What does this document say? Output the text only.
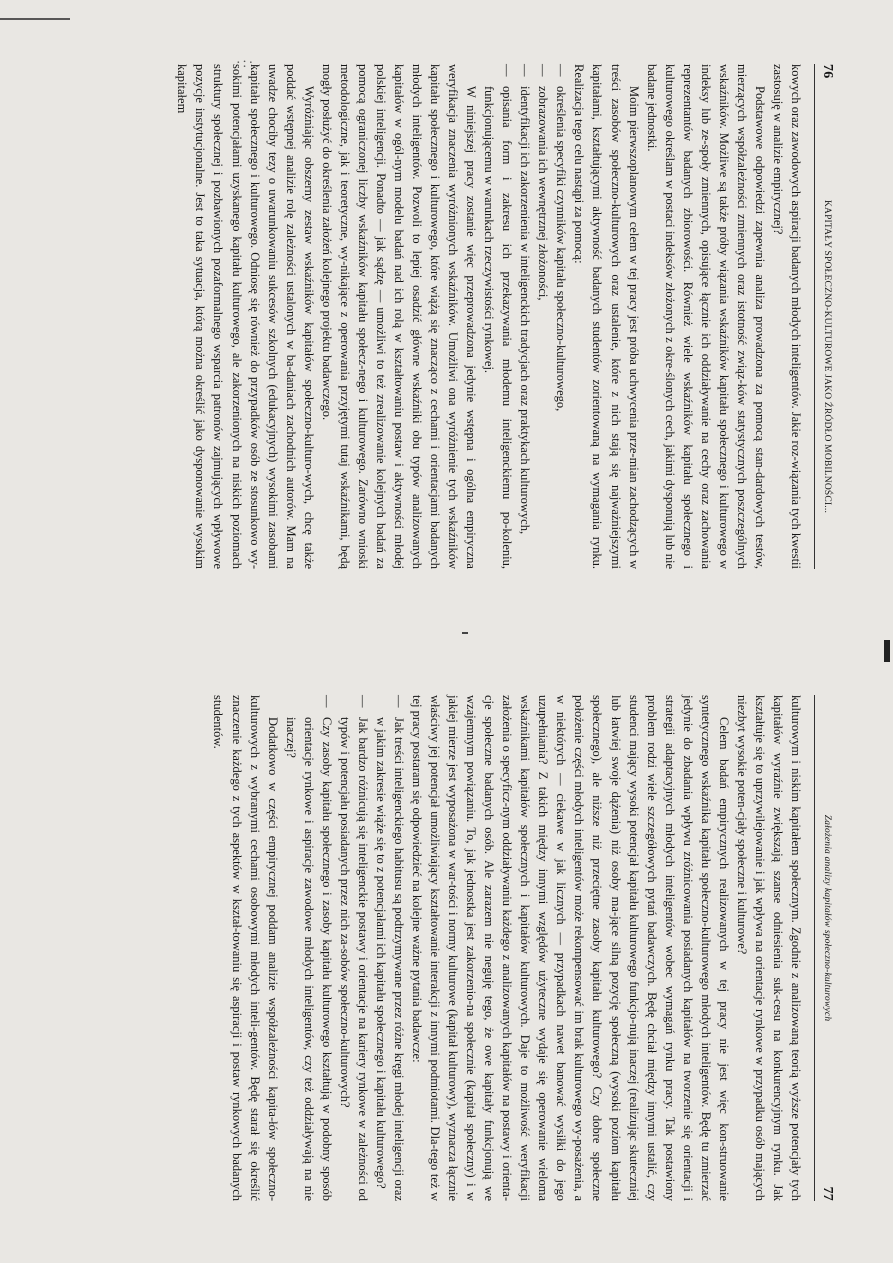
·:·.
76
KAPITAŁY SPOŁECZNO-KULTUROWE JAKO ŹRÓDŁO MOBILNOŚCI...

kowych oraz zawodowych aspiracji badanych młodych inteligentów. Jakie roz-wiązania tych kwestii zastosuję w analizie empirycznej?

Podstawowe odpowiedzi zapewnia analiza prowadzona za pomocą stan-dardowych testów, mierzących współzależności zmiennych oraz istotność związ-ków statystycznych poszczególnych wskaźników. Możliwe są także próby wiązania wskaźników kapitału społecznego i kulturowego w indeksy lub ze-społy zmiennych, opisujące łącznie ich oddziaływanie na cechy oraz zachowania reprezentantów badanych zbiorowości. Również wiele wskaźników kapitału społecznego i kulturowego określam w postaci indeksów złożonych z okre-ślonych cech, jakimi dysponują lub nie badane jednostki.

Moim pierwszoplanowym celem w tej pracy jest próba uchwycenia prze-mian zachodzących w treści zasobów społeczno-kulturowych oraz ustalenie, które z nich stają się najważniejszymi kapitałami, kształtującymi aktywność badanych studentów zorientowaną na wymagania rynku. Realizacja tego celu nastąpi za pomocą:

—
określenia specyfiki czynników kapitału społeczno-kulturowego,
—
zobrazowania ich wewnętrznej złożoności,
—
identyfikacji ich zakorzenienia w inteligenckich tradycjach oraz praktykach kulturowych,
—
opisania form i zakresu ich przekazywania młodemu inteligenckiemu po-koleniu, funkcjonującemu w warunkach rzeczywistości rynkowej.

W niniejszej pracy zostanie więc przeprowadzona jedynie wstępna i ogólna empiryczna weryfikacja znaczenia wyróżnionych wskaźników. Umożliwi ona wyróżnienie tych wskaźników kapitału społecznego i kulturowego, które wiążą się znacząco z cechami i orientacjami badanych młodych inteligentów. Pozwoli to lepiej osadzić główne wskaźniki obu typów analizowanych kapitałów w ogól-nym modelu badań nad ich rolą w kształtowaniu postaw i aktywności młodej polskiej inteligencji. Ponadto — jak sądzę — umożliwi to też zrealizowanie kolejnych badań za pomocą ograniczonej liczby wskaźników kapitału społecz-nego i kulturowego. Zarówno wnioski metodologiczne, jak i teoretyczne, wy-nikające z operowania przyjętymi tutaj wskaźnikami, będą mogły posłużyć do określenia założeń kolejnego projektu badawczego.

Wyróżniając obszerny zestaw wskaźników kapitałów społeczno-kulturo-wych, chcę także poddać wstępnej analizie rolę zależności ustalonych w ba-daniach zachodnich autorów. Mam na uwadze chociby tezy o uwarunkowaniu sukcesów szkolnych (edukacyjnych) wysokimi zasobami kapitału społecznego i kulturowego. Odniosę się również do przypadków osób ze stosunkowo wy-sokimi potencjałami uzyskanego kapitału kulturowego, ale zakorzenionych na niskich poziomach struktury społecznej i pozbawionych pozaformalnego wsparcia patronów zajmujących wpływowe pozycje instytucjonalne. Jest to taka sytuacja, którą można określić jako dysponowanie wysokim kapitałem

Założenia analizy kapitałów społeczno-kulturowych
77

kulturowym i niskim kapitałem społecznym. Zgodnie z analizowaną teorią wyższe potencjały tych kapitałów wyraźnie zwiększają szanse odniesienia suk-cesu na konkurencyjnym rynku. Jak kształtuje się to uprzywilejowanie i jak wpływa na orientacje rynkowe w przypadku osób mających niezbyt wysokie poten-cjały społeczne i kulturowe?

Celem badań empirycznych realizowanych w tej pracy nie jest więc kon-struowanie syntetycznego wskaźnika kapitału społeczno-kulturowego młodych inteligentów. Będę tu zmierzać jedynie do zbadania wpływu zróżnicowania posiadanych kapitałów na tworzenie się orientacji i strategii adaptacyjnych młodych inteligentów wobec wymagań rynku pracy. Tak postawiony problem rodzi wiele szczegółowych pytań badawczych. Będę chciał między innymi ustalić, czy studenci mający wysoki potencjał kapitału kulturowego funkcjo-nują inaczej (realizując skuteczniej lub łatwiej swoje dążenia) niż osoby ma-jące silną pozycję społeczną (wysoki poziom kapitału społecznego), ale niższe niż przeciętne zasoby kapitału kulturowego? Czy dobre społeczne położenie części młodych inteligentów może rekompensować im brak kulturowego wy-posażenia, a w niektórych — ciekawe w jak licznych — przypadkach nawet banować wysiłki do jego uzupełniania? Z takich między innymi względów użyteczne wydaje się operowanie wieloma wskaźnikami kapitałów społecznych i kapitałów kulturowych. Daje to możliwość weryfikacji założenia o specyficz-nym oddziaływaniu każdego z analizowanych kapitałów na postawy i orienta-cje społeczne badanych osób. Ale zarazem nie neguję tego, że owe kapitały funkcjonują we wzajemnym powiązaniu. To, jak jednostka jest zakorzenio-na społecznie (kapitał społeczny) i w jakiej mierze jest wyposażona w war-tości i normy kulturowe (kapitał kulturowy), wyznacza łącznie właściwy jej potencjał umożliwiający kształtowanie interakcji z innymi podmiotami. Dla-tego też w tej pracy postaram się odpowiedzieć na kolejne ważne pytania badawcze:

—
Jak treści inteligenckiego habitusu są podtrzymywane przez różne kręgi młodej inteligencji oraz w jakim zakresie wiąże się to z potencjałami ich kapitału społecznego i kapitału kulturowego?
—
Jak bardzo różnicują się inteligenckie postawy i orientacje na kariery rynkowe w zależności od typów i potencjału posiadanych przez nich za-sobów społeczno-kulturowych?
—
Czy zasoby kapitału społecznego i zasoby kapitału kulturowego kształtują w podobny sposób orientacje rynkowe i aspiracje zawodowe młodych inteligentów, czy też oddziaływają na nie inaczej?

Dodatkowo w części empirycznej poddam analizie współzależności kapita-łów społeczno-kulturowych z wybranymi cechami osobowymi młodych inteli-gentów. Będę starał się określić znaczenie każdego z tych aspektów w kształ-towaniu się aspiracji i postaw rynkowych badanych studentów.
